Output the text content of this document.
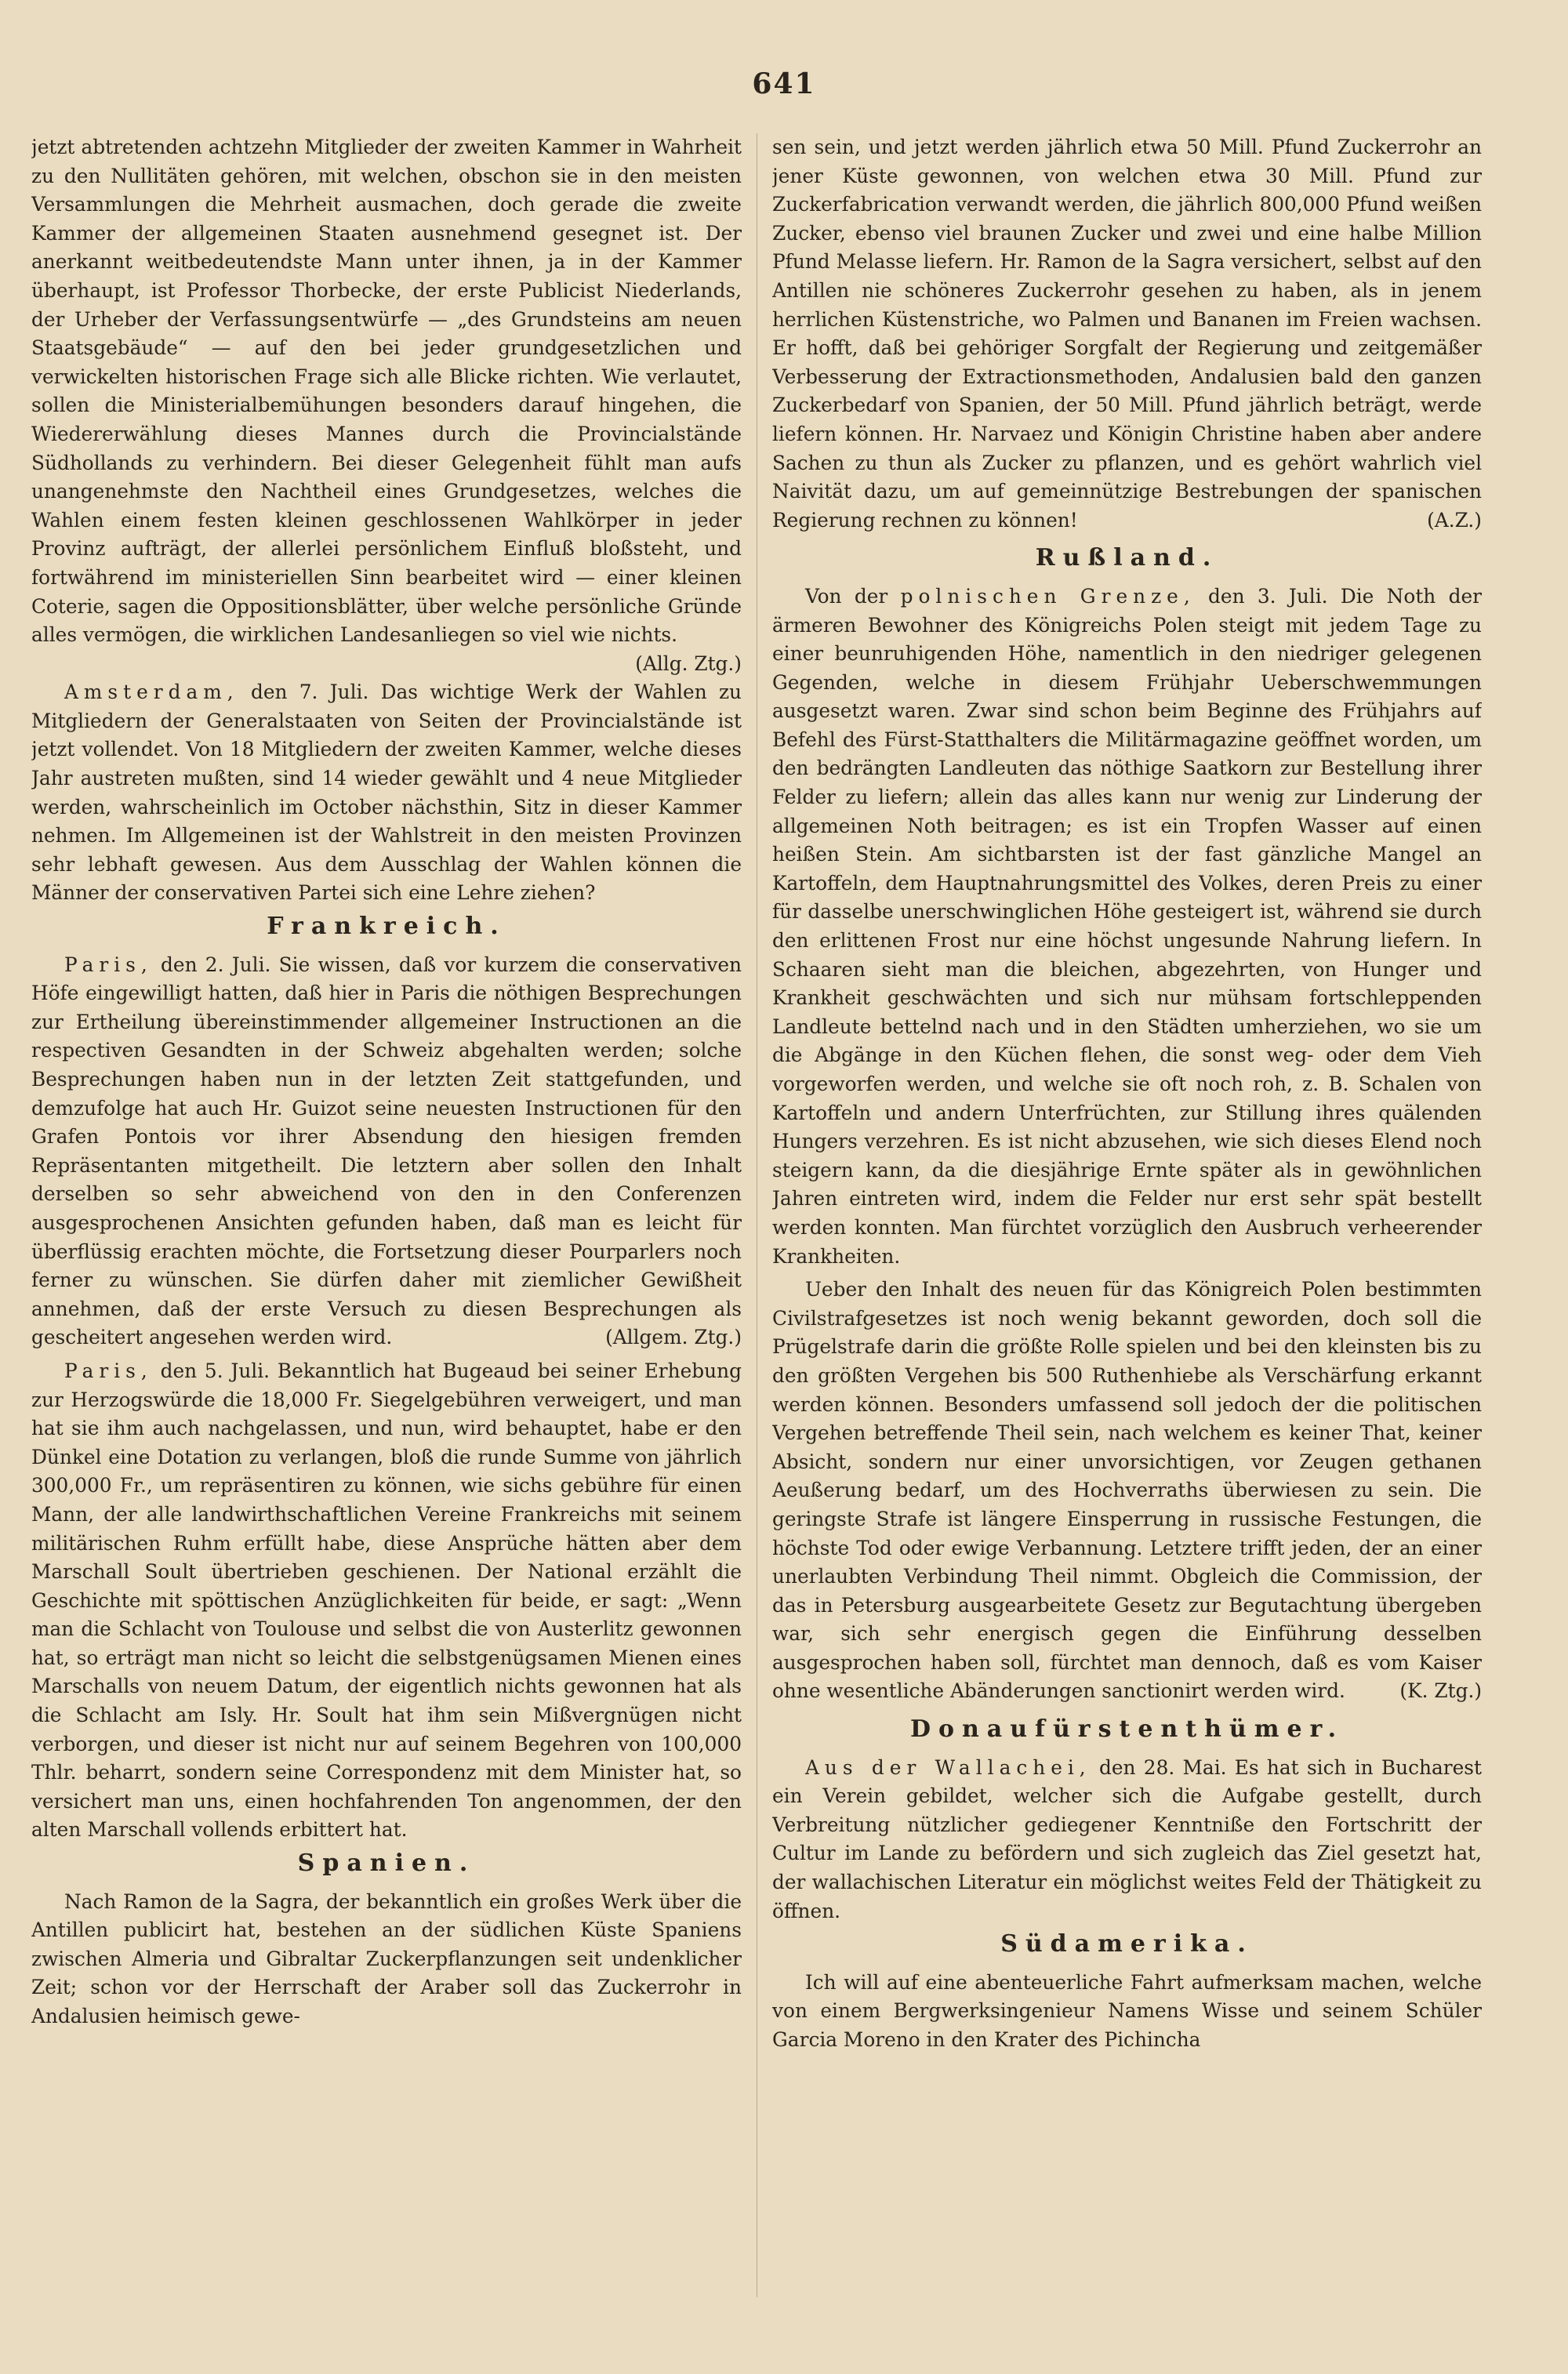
641

jetzt abtretenden achtzehn Mitglieder der zweiten Kammer in Wahrheit zu den Nullitäten gehören, mit welchen, obschon sie in den meisten Versammlungen die Mehrheit ausmachen, doch gerade die zweite Kammer der allgemeinen Staaten ausnehmend gesegnet ist. Der anerkannt weitbedeutendste Mann unter ihnen, ja in der Kammer überhaupt, ist Professor Thorbecke, der erste Publicist Niederlands, der Urheber der Verfassungsentwürfe — „des Grundsteins am neuen Staatsgebäude“ — auf den bei jeder grundgesetzlichen und verwickelten historischen Frage sich alle Blicke richten. Wie verlautet, sollen die Ministerialbemühungen besonders darauf hingehen, die Wiedererwählung dieses Mannes durch die Provincialstände Südhollands zu verhindern. Bei dieser Gelegenheit fühlt man aufs unangenehmste den Nachtheil eines Grundgesetzes, welches die Wahlen einem festen kleinen geschlossenen Wahlkörper in jeder Provinz aufträgt, der allerlei persönlichem Einfluß bloßsteht, und fortwährend im ministeriellen Sinn bearbeitet wird — einer kleinen Coterie, sagen die Oppositionsblätter, über welche persönliche Gründe alles vermögen, die wirklichen Landesanliegen so viel wie nichts.
(Allg. Ztg.)

Amsterdam, den 7. Juli. Das wichtige Werk der Wahlen zu Mitgliedern der Generalstaaten von Seiten der Provincialstände ist jetzt vollendet. Von 18 Mitgliedern der zweiten Kammer, welche dieses Jahr austreten mußten, sind 14 wieder gewählt und 4 neue Mitglieder werden, wahrscheinlich im October nächsthin, Sitz in dieser Kammer nehmen. Im Allgemeinen ist der Wahlstreit in den meisten Provinzen sehr lebhaft gewesen. Aus dem Ausschlag der Wahlen können die Männer der conservativen Partei sich eine Lehre ziehen?

Frankreich.

Paris, den 2. Juli. Sie wissen, daß vor kurzem die conservativen Höfe eingewilligt hatten, daß hier in Paris die nöthigen Besprechungen zur Ertheilung übereinstimmender allgemeiner Instructionen an die respectiven Gesandten in der Schweiz abgehalten werden; solche Besprechungen haben nun in der letzten Zeit stattgefunden, und demzufolge hat auch Hr. Guizot seine neuesten Instructionen für den Grafen Pontois vor ihrer Absendung den hiesigen fremden Repräsentanten mitgetheilt. Die letztern aber sollen den Inhalt derselben so sehr abweichend von den in den Conferenzen ausgesprochenen Ansichten gefunden haben, daß man es leicht für überflüssig erachten möchte, die Fortsetzung dieser Pourparlers noch ferner zu wünschen. Sie dürfen daher mit ziemlicher Gewißheit annehmen, daß der erste Versuch zu diesen Besprechungen als gescheitert angesehen werden wird.	(Allgem. Ztg.)

Paris, den 5. Juli. Bekanntlich hat Bugeaud bei seiner Erhebung zur Herzogswürde die 18,000 Fr. Siegelgebühren verweigert, und man hat sie ihm auch nachgelassen, und nun, wird behauptet, habe er den Dünkel eine Dotation zu verlangen, bloß die runde Summe von jährlich 300,000 Fr., um repräsentiren zu können, wie sichs gebühre für einen Mann, der alle landwirthschaftlichen Vereine Frankreichs mit seinem militärischen Ruhm erfüllt habe, diese Ansprüche hätten aber dem Marschall Soult übertrieben geschienen. Der National erzählt die Geschichte mit spöttischen Anzüglichkeiten für beide, er sagt: „Wenn man die Schlacht von Toulouse und selbst die von Austerlitz gewonnen hat, so erträgt man nicht so leicht die selbstgenügsamen Mienen eines Marschalls von neuem Datum, der eigentlich nichts gewonnen hat als die Schlacht am Isly. Hr. Soult hat ihm sein Mißvergnügen nicht verborgen, und dieser ist nicht nur auf seinem Begehren von 100,000 Thlr. beharrt, sondern seine Correspondenz mit dem Minister hat, so versichert man uns, einen hochfahrenden Ton angenommen, der den alten Marschall vollends erbittert hat.

Spanien.

Nach Ramon de la Sagra, der bekanntlich ein großes Werk über die Antillen publicirt hat, bestehen an der südlichen Küste Spaniens zwischen Almeria und Gibraltar Zuckerpflanzungen seit undenklicher Zeit; schon vor der Herrschaft der Araber soll das Zuckerrohr in Andalusien heimisch gewe-

sen sein, und jetzt werden jährlich etwa 50 Mill. Pfund Zuckerrohr an jener Küste gewonnen, von welchen etwa 30 Mill. Pfund zur Zuckerfabrication verwandt werden, die jährlich 800,000 Pfund weißen Zucker, ebenso viel braunen Zucker und zwei und eine halbe Million Pfund Melasse liefern. Hr. Ramon de la Sagra versichert, selbst auf den Antillen nie schöneres Zuckerrohr gesehen zu haben, als in jenem herrlichen Küstenstriche, wo Palmen und Bananen im Freien wachsen. Er hofft, daß bei gehöriger Sorgfalt der Regierung und zeitgemäßer Verbesserung der Extractionsmethoden, Andalusien bald den ganzen Zuckerbedarf von Spanien, der 50 Mill. Pfund jährlich beträgt, werde liefern können. Hr. Narvaez und Königin Christine haben aber andere Sachen zu thun als Zucker zu pflanzen, und es gehört wahrlich viel Naivität dazu, um auf gemeinnützige Bestrebungen der spanischen Regierung rechnen zu können!	(A.Z.)

Rußland.

Von der polnischen Grenze, den 3. Juli. Die Noth der ärmeren Bewohner des Königreichs Polen steigt mit jedem Tage zu einer beunruhigenden Höhe, namentlich in den niedriger gelegenen Gegenden, welche in diesem Frühjahr Ueberschwemmungen ausgesetzt waren. Zwar sind schon beim Beginne des Frühjahrs auf Befehl des Fürst-Statthalters die Militärmagazine geöffnet worden, um den bedrängten Landleuten das nöthige Saatkorn zur Bestellung ihrer Felder zu liefern; allein das alles kann nur wenig zur Linderung der allgemeinen Noth beitragen; es ist ein Tropfen Wasser auf einen heißen Stein. Am sichtbarsten ist der fast gänzliche Mangel an Kartoffeln, dem Hauptnahrungsmittel des Volkes, deren Preis zu einer für dasselbe unerschwinglichen Höhe gesteigert ist, während sie durch den erlittenen Frost nur eine höchst ungesunde Nahrung liefern. In Schaaren sieht man die bleichen, abgezehrten, von Hunger und Krankheit geschwächten und sich nur mühsam fortschleppenden Landleute bettelnd nach und in den Städten umherziehen, wo sie um die Abgänge in den Küchen flehen, die sonst weg- oder dem Vieh vorgeworfen werden, und welche sie oft noch roh, z. B. Schalen von Kartoffeln und andern Unterfrüchten, zur Stillung ihres quälenden Hungers verzehren. Es ist nicht abzusehen, wie sich dieses Elend noch steigern kann, da die diesjährige Ernte später als in gewöhnlichen Jahren eintreten wird, indem die Felder nur erst sehr spät bestellt werden konnten. Man fürchtet vorzüglich den Ausbruch verheerender Krankheiten.

Ueber den Inhalt des neuen für das Königreich Polen bestimmten Civilstrafgesetzes ist noch wenig bekannt geworden, doch soll die Prügelstrafe darin die größte Rolle spielen und bei den kleinsten bis zu den größten Vergehen bis 500 Ruthenhiebe als Verschärfung erkannt werden können. Besonders umfassend soll jedoch der die politischen Vergehen betreffende Theil sein, nach welchem es keiner That, keiner Absicht, sondern nur einer unvorsichtigen, vor Zeugen gethanen Aeußerung bedarf, um des Hochverraths überwiesen zu sein. Die geringste Strafe ist längere Einsperrung in russische Festungen, die höchste Tod oder ewige Verbannung. Letztere trifft jeden, der an einer unerlaubten Verbindung Theil nimmt. Obgleich die Commission, der das in Petersburg ausgearbeitete Gesetz zur Begutachtung übergeben war, sich sehr energisch gegen die Einführung desselben ausgesprochen haben soll, fürchtet man dennoch, daß es vom Kaiser ohne wesentliche Abänderungen sanctionirt werden wird.	(K. Ztg.)

Donaufürstenthümer.

Aus der Wallachei, den 28. Mai. Es hat sich in Bucharest ein Verein gebildet, welcher sich die Aufgabe gestellt, durch Verbreitung nützlicher gediegener Kenntniße den Fortschritt der Cultur im Lande zu befördern und sich zugleich das Ziel gesetzt hat, der wallachischen Literatur ein möglichst weites Feld der Thätigkeit zu öffnen.

Südamerika.

Ich will auf eine abenteuerliche Fahrt aufmerksam machen, welche von einem Bergwerksingenieur Namens Wisse und seinem Schüler Garcia Moreno in den Krater des Pichincha
